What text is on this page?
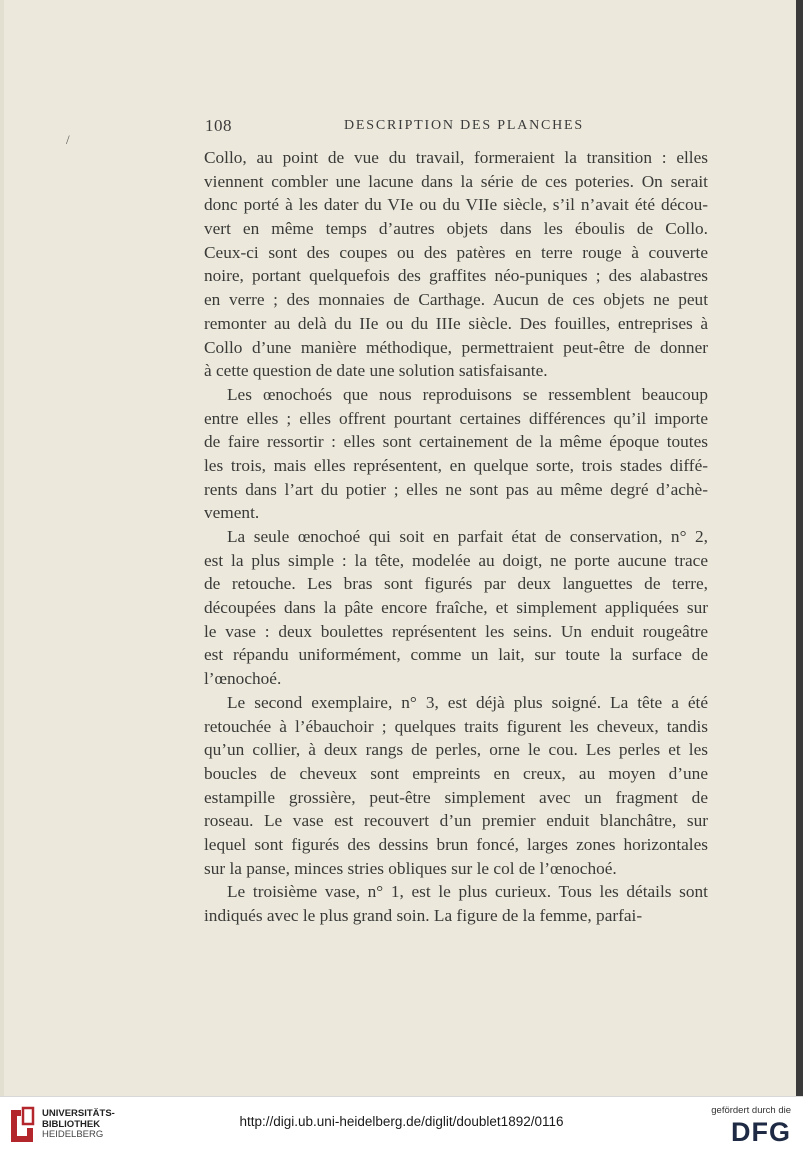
/
108	DESCRIPTION DES PLANCHES
Collo, au point de vue du travail, formeraient la transition : elles
viennent combler une lacune dans la série de ces poteries. On serait
donc porté à les dater du VIe ou du VIIe siècle, s’il n’avait été décou-
vert en même temps d’autres objets dans les éboulis de Collo.
Ceux-ci sont des coupes ou des patères en terre rouge à couverte
noire, portant quelquefois des graffites néo-puniques ; des alabastres
en verre ; des monnaies de Carthage. Aucun de ces objets ne peut
remonter au delà du IIe ou du IIIe siècle. Des fouilles, entreprises à
Collo d’une manière méthodique, permettraient peut-être de donner
à cette question de date une solution satisfaisante.
Les œnochoés que nous reproduisons se ressemblent beaucoup
entre elles ; elles offrent pourtant certaines différences qu’il importe
de faire ressortir : elles sont certainement de la même époque toutes
les trois, mais elles représentent, en quelque sorte, trois stades diffé-
rents dans l’art du potier ; elles ne sont pas au même degré d’achè-
vement.
La seule œnochoé qui soit en parfait état de conservation, n° 2,
est la plus simple : la tête, modelée au doigt, ne porte aucune trace
de retouche. Les bras sont figurés par deux languettes de terre,
découpées dans la pâte encore fraîche, et simplement appliquées sur
le vase : deux boulettes représentent les seins. Un enduit rougeâtre
est répandu uniformément, comme un lait, sur toute la surface de
l’œnochoé.
Le second exemplaire, n° 3, est déjà plus soigné. La tête a été
retouchée à l’ébauchoir ; quelques traits figurent les cheveux, tandis
qu’un collier, à deux rangs de perles, orne le cou. Les perles et les
boucles de cheveux sont empreints en creux, au moyen d’une
estampille grossière, peut-être simplement avec un fragment de
roseau. Le vase est recouvert d’un premier enduit blanchâtre, sur
lequel sont figurés des dessins brun foncé, larges zones horizontales
sur la panse, minces stries obliques sur le col de l’œnochoé.
Le troisième vase, n° 1, est le plus curieux. Tous les détails sont
indiqués avec le plus grand soin. La figure de la femme, parfai-
UNIVERSITÄTS-
BIBLIOTHEK
HEIDELBERG
http://digi.ub.uni-heidelberg.de/diglit/doublet1892/0116
gefördert durch die
DFG
